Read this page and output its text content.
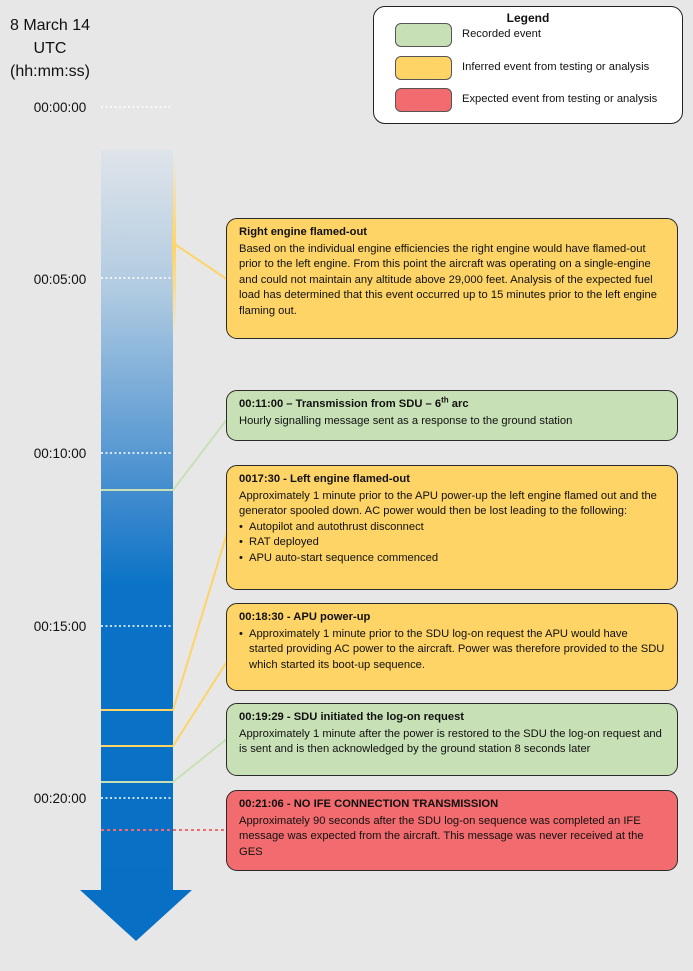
8 March 14
UTC
(hh:mm:ss)
00:00:00
00:05:00
00:10:00
00:15:00
00:20:00
Legend
Recorded event
Inferred event from testing or analysis
Expected event from testing or analysis
Right engine flamed-out
Based on the individual engine efficiencies the right engine would have flamed-out prior to the left engine. From this point the aircraft was operating on a single-engine and could not maintain any altitude above 29,000 feet. Analysis of the expected fuel load has determined that this event occurred up to 15 minutes prior to the left engine flaming out.
00:11:00 – Transmission from SDU – 6th arc
Hourly signalling message sent as a response to the ground station
0017:30 - Left engine flamed-out
Approximately 1 minute prior to the APU power-up the left engine flamed out and the generator spooled down. AC power would then be lost leading to the following:
• Autopilot and autothrust disconnect
• RAT deployed
• APU auto-start sequence commenced
00:18:30 - APU power-up
• Approximately 1 minute prior to the SDU log-on request the APU would have started providing AC power to the aircraft. Power was therefore provided to the SDU which started its boot-up sequence.
00:19:29 - SDU initiated the log-on request
Approximately 1 minute after the power is restored to the SDU the log-on request and is sent and is then acknowledged by the ground station 8 seconds later
00:21:06 - NO IFE CONNECTION TRANSMISSION
Approximately 90 seconds after the SDU log-on sequence was completed an IFE message was expected from the aircraft. This message was never received at the GES
